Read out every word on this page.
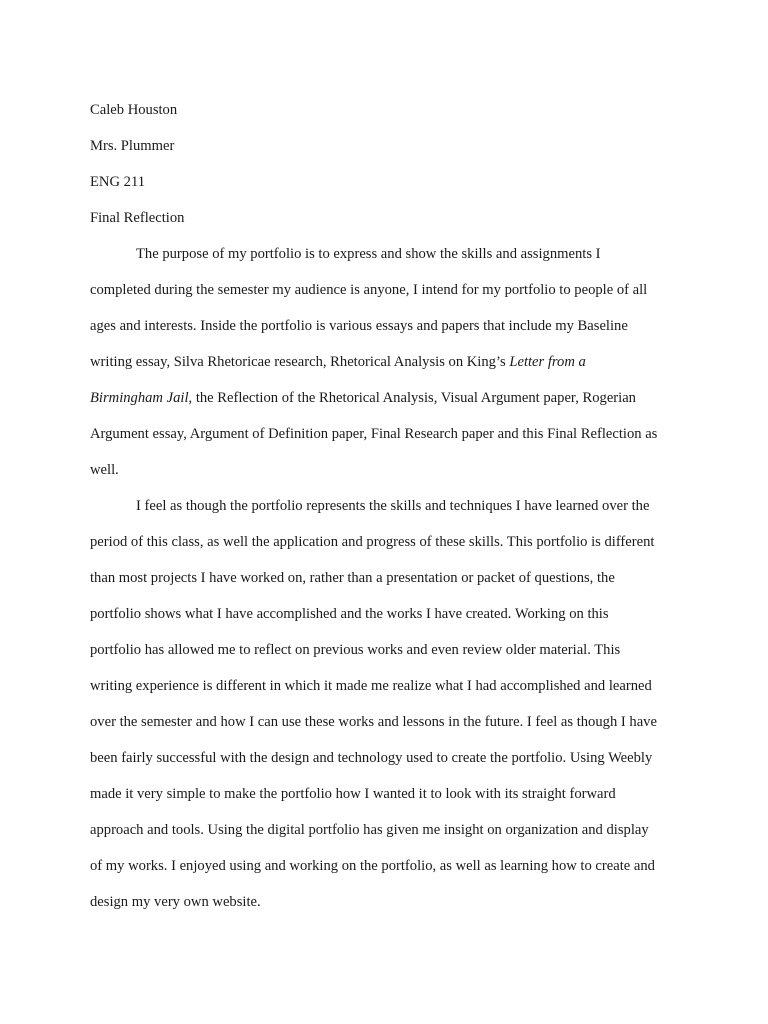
Caleb Houston

Mrs. Plummer

ENG 211

Final Reflection

The purpose of my portfolio is to express and show the skills and assignments I

completed during the semester my audience is anyone, I intend for my portfolio to people of all

ages and interests. Inside the portfolio is various essays and papers that include my Baseline

writing essay, Silva Rhetoricae research, Rhetorical Analysis on King’s Letter from a

Birmingham Jail, the Reflection of the Rhetorical Analysis, Visual Argument paper, Rogerian

Argument essay, Argument of Definition paper, Final Research paper and this Final Reflection as

well.

I feel as though the portfolio represents the skills and techniques I have learned over the

period of this class, as well the application and progress of these skills. This portfolio is different

than most projects I have worked on, rather than a presentation or packet of questions, the

portfolio shows what I have accomplished and the works I have created. Working on this

portfolio has allowed me to reflect on previous works and even review older material. This

writing experience is different in which it made me realize what I had accomplished and learned

over the semester and how I can use these works and lessons in the future. I feel as though I have

been fairly successful with the design and technology used to create the portfolio. Using Weebly

made it very simple to make the portfolio how I wanted it to look with its straight forward

approach and tools. Using the digital portfolio has given me insight on organization and display

of my works. I enjoyed using and working on the portfolio, as well as learning how to create and

design my very own website.
